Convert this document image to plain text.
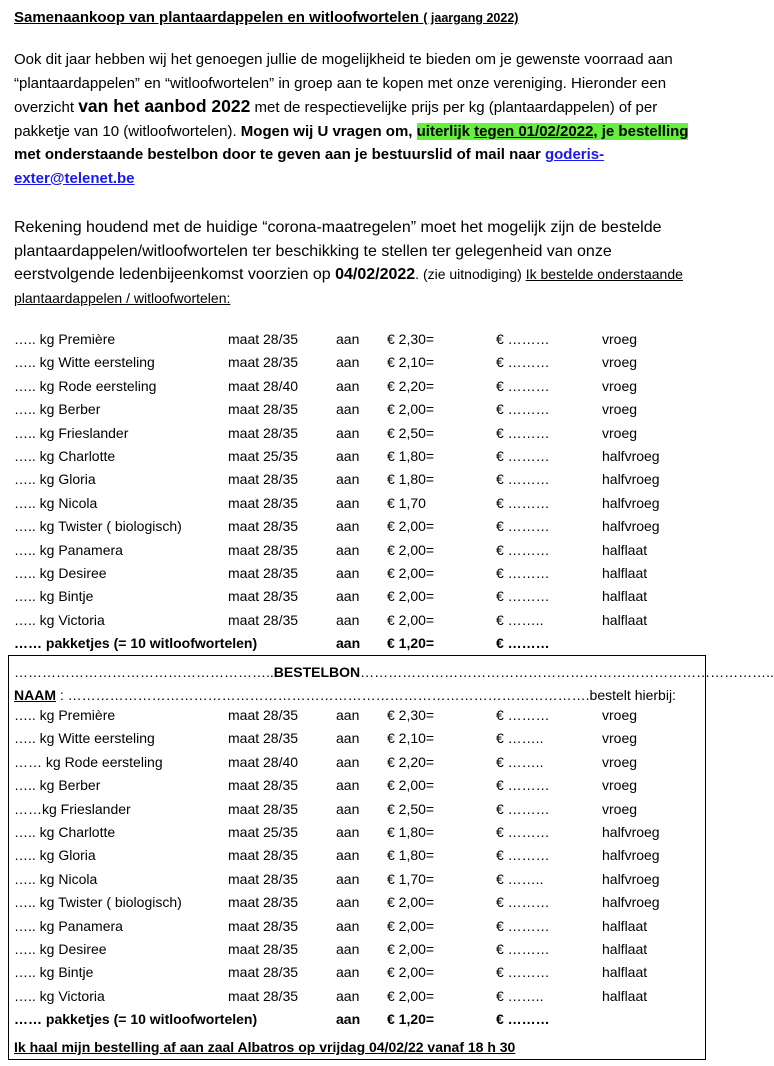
Samenaankoop van plantaardappelen en witloofwortelen ( jaargang 2022)
Ook dit jaar hebben wij het genoegen jullie de mogelijkheid te bieden om je gewenste voorraad aan “plantaardappelen” en “witloofwortelen” in groep aan te kopen met onze vereniging. Hieronder een overzicht van het aanbod 2022 met de respectievelijke prijs per kg (plantaardappelen) of per pakketje van 10 (witloofwortelen). Mogen wij U vragen om, uiterlijk tegen 01/02/2022, je bestelling met onderstaande bestelbon door te geven aan je bestuurslid of mail naar goderis-exter@telenet.be
Rekening houdend met de huidige “corona-maatregelen” moet het mogelijk zijn de bestelde plantaardappelen/witloofwortelen ter beschikking te stellen ter gelegenheid van onze eerstvolgende ledenbijeenkomst voorzien op 04/02/2022. (zie uitnodiging) Ik bestelde onderstaande plantaardappelen / witloofwortelen:
….. kg Première	maat 28/35	aan € 2,30=	€ ………	vroeg
….. kg Witte eersteling	maat 28/35	aan € 2,10=	€ ………	vroeg
….. kg Rode eersteling	maat 28/40	aan € 2,20=	€ ………	vroeg
….. kg Berber	maat 28/35	aan € 2,00=	€ ………	vroeg
….. kg Frieslander	maat 28/35	aan € 2,50=	€ ………	vroeg
….. kg Charlotte	maat 25/35	aan € 1,80=	€ ………	halfvroeg
….. kg Gloria	maat 28/35	aan € 1,80=	€ ………	halfvroeg
….. kg Nicola	maat 28/35	aan € 1,70	€ ………	halfvroeg
….. kg Twister ( biologisch)	maat 28/35	aan € 2,00=	€ ………	halfvroeg
….. kg Panamera	maat 28/35	aan € 2,00=	€ ………	halflaat
….. kg Desiree	maat 28/35	aan € 2,00=	€ ………	halflaat
….. kg Bintje	maat 28/35	aan € 2,00=	€ ………	halflaat
….. kg Victoria	maat 28/35	aan € 2,00=	€ ……..	halflaat
…… pakketjes (= 10 witloofwortelen)	aan € 1,20=	€ ………
………………………………………………..BESTELBON……………………………………………………………………………..
NAAM : ………………………………………………………………………………………………….bestelt hierbij:
….. kg Première	maat 28/35	aan € 2,30=	€ ………	vroeg
….. kg Witte eersteling	maat 28/35	aan € 2,10=	€ ……..	vroeg
…… kg Rode eersteling	maat 28/40	aan € 2,20=	€ ……..	vroeg
….. kg Berber	maat 28/35	aan € 2,00=	€ ………	vroeg
……kg Frieslander	maat 28/35	aan € 2,50=	€ ………	vroeg
….. kg Charlotte	maat 25/35	aan € 1,80=	€ ………	halfvroeg
….. kg Gloria	maat 28/35	aan € 1,80=	€ ………	halfvroeg
….. kg Nicola	maat 28/35	aan € 1,70=	€ ……..	halfvroeg
….. kg Twister ( biologisch)	maat 28/35	aan € 2,00=	€ ………	halfvroeg
….. kg Panamera	maat 28/35	aan € 2,00=	€ ………	halflaat
….. kg Desiree	maat 28/35	aan € 2,00=	€ ………	halflaat
….. kg Bintje	maat 28/35	aan € 2,00=	€ ………	halflaat
….. kg Victoria	maat 28/35	aan € 2,00=	€ ……..	halflaat
…… pakketjes (= 10 witloofwortelen)	aan € 1,20=	€ ………
Ik haal mijn bestelling af aan zaal Albatros op vrijdag 04/02/22 vanaf 18 h 30
